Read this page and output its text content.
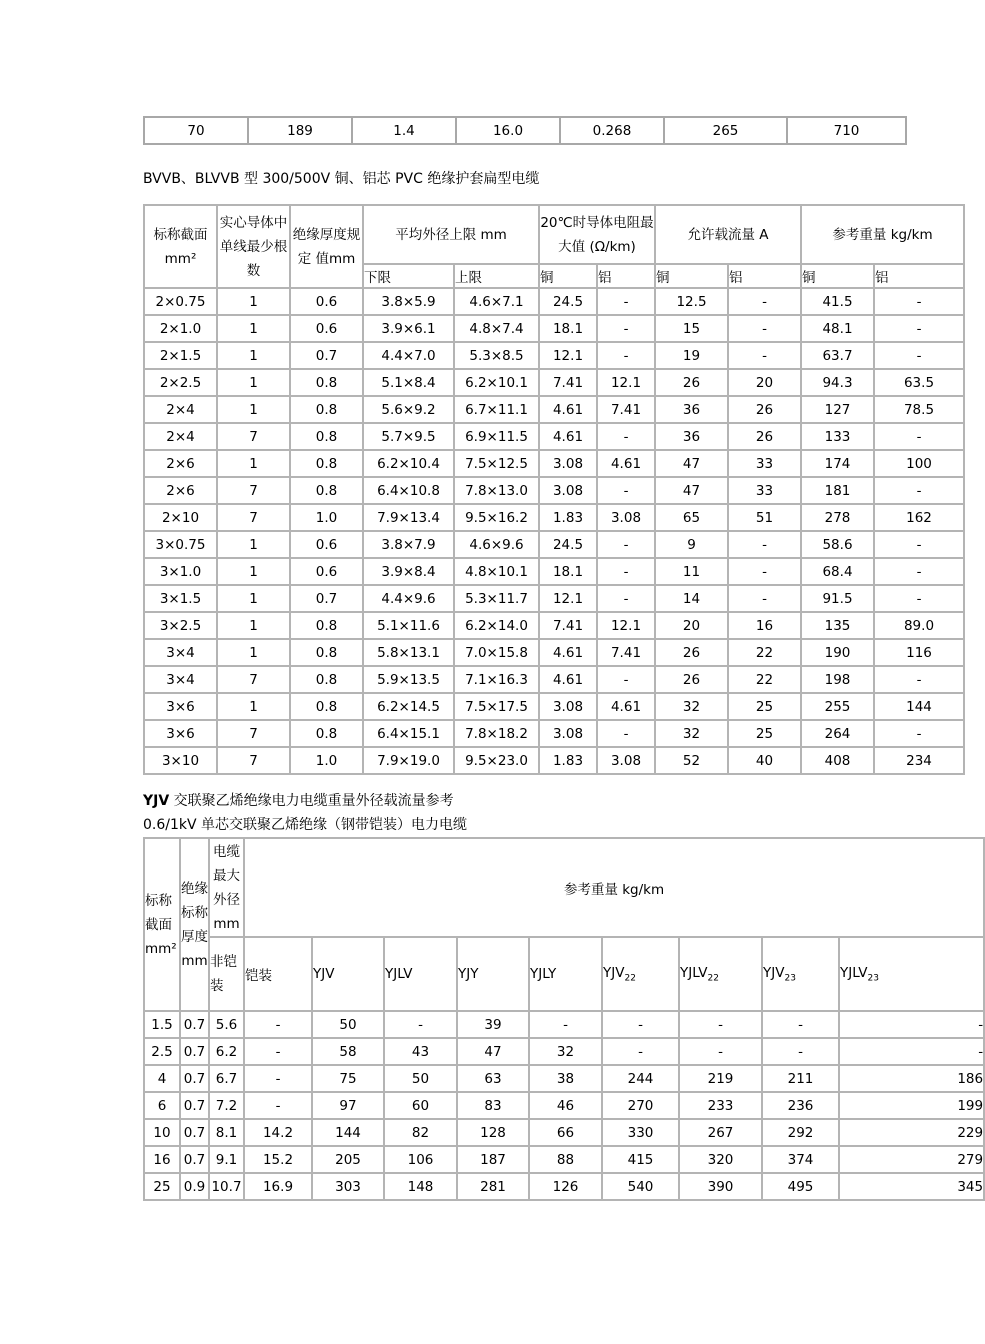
70	189	1.4	16.0	0.268	265	710
BVVB、BLVVB 型 300/500V 铜、铝芯 PVC 绝缘护套扁型电缆
标称截面mm²	实心导体中单线最少根 数	绝缘厚度规定 值mm	平均外径上限 mm		20℃时导体电阻最大值 (Ω/km)		允许载流量 A		参考重量 kg/km	
			下限	上限	铜	铝	铜	铝	铜	铝
2×0.75	1	0.6	3.8×5.9	4.6×7.1	24.5	-	12.5	-	41.5	-
2×1.0	1	0.6	3.9×6.1	4.8×7.4	18.1	-	15	-	48.1	-
2×1.5	1	0.7	4.4×7.0	5.3×8.5	12.1	-	19	-	63.7	-
2×2.5	1	0.8	5.1×8.4	6.2×10.1	7.41	12.1	26	20	94.3	63.5
2×4	1	0.8	5.6×9.2	6.7×11.1	4.61	7.41	36	26	127	78.5
2×4	7	0.8	5.7×9.5	6.9×11.5	4.61	-	36	26	133	-
2×6	1	0.8	6.2×10.4	7.5×12.5	3.08	4.61	47	33	174	100
2×6	7	0.8	6.4×10.8	7.8×13.0	3.08	-	47	33	181	-
2×10	7	1.0	7.9×13.4	9.5×16.2	1.83	3.08	65	51	278	162
3×0.75	1	0.6	3.8×7.9	4.6×9.6	24.5	-	9	-	58.6	-
3×1.0	1	0.6	3.9×8.4	4.8×10.1	18.1	-	11	-	68.4	-
3×1.5	1	0.7	4.4×9.6	5.3×11.7	12.1	-	14	-	91.5	-
3×2.5	1	0.8	5.1×11.6	6.2×14.0	7.41	12.1	20	16	135	89.0
3×4	1	0.8	5.8×13.1	7.0×15.8	4.61	7.41	26	22	190	116
3×4	7	0.8	5.9×13.5	7.1×16.3	4.61	-	26	22	198	-
3×6	1	0.8	6.2×14.5	7.5×17.5	3.08	4.61	32	25	255	144
3×6	7	0.8	6.4×15.1	7.8×18.2	3.08	-	32	25	264	-
3×10	7	1.0	7.9×19.0	9.5×23.0	1.83	3.08	52	40	408	234
YJV 交联聚乙烯绝缘电力电缆重量外径载流量参考
0.6/1kV 单芯交联聚乙烯绝缘（钢带铠装）电力电缆
标称截面mm²	绝缘标称厚度mm	电缆最大外径mm	参考重量 kg/km								
		非铠装	铠装	YJV	YJLV	YJY	YJLY	$YJV_{22}$	$YJLV_{22}$	$YJV_{23}$	$YJLV_{23}$
1.5	0.7	5.6	-	50	-	39	-	-	-	-	-
2.5	0.7	6.2	-	58	43	47	32	-	-	-	-
4	0.7	6.7	-	75	50	63	38	244	219	211	186
6	0.7	7.2	-	97	60	83	46	270	233	236	199
10	0.7	8.1	14.2	144	82	128	66	330	267	292	229
16	0.7	9.1	15.2	205	106	187	88	415	320	374	279
25	0.9	10.7	16.9	303	148	281	126	540	390	495	345
